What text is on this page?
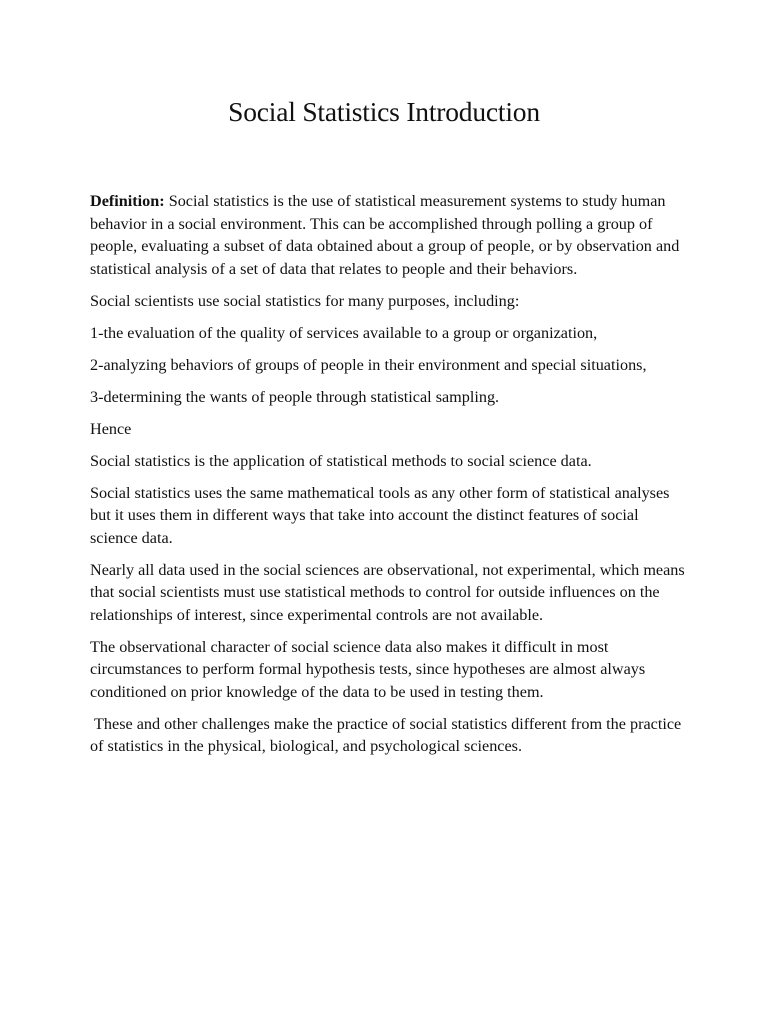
Social Statistics Introduction

Definition: Social statistics is the use of statistical measurement systems to study human behavior in a social environment. This can be accomplished through polling a group of people, evaluating a subset of data obtained about a group of people, or by observation and statistical analysis of a set of data that relates to people and their behaviors.

Social scientists use social statistics for many purposes, including:

1-the evaluation of the quality of services available to a group or organization,

2-analyzing behaviors of groups of people in their environment and special situations,

3-determining the wants of people through statistical sampling.

Hence

Social statistics is the application of statistical methods to social science data.

Social statistics uses the same mathematical tools as any other form of statistical analyses but it uses them in different ways that take into account the distinct features of social science data.

Nearly all data used in the social sciences are observational, not experimental, which means that social scientists must use statistical methods to control for outside influences on the relationships of interest, since experimental controls are not available.

The observational character of social science data also makes it difficult in most circumstances to perform formal hypothesis tests, since hypotheses are almost always conditioned on prior knowledge of the data to be used in testing them.

These and other challenges make the practice of social statistics different from the practice of statistics in the physical, biological, and psychological sciences.
